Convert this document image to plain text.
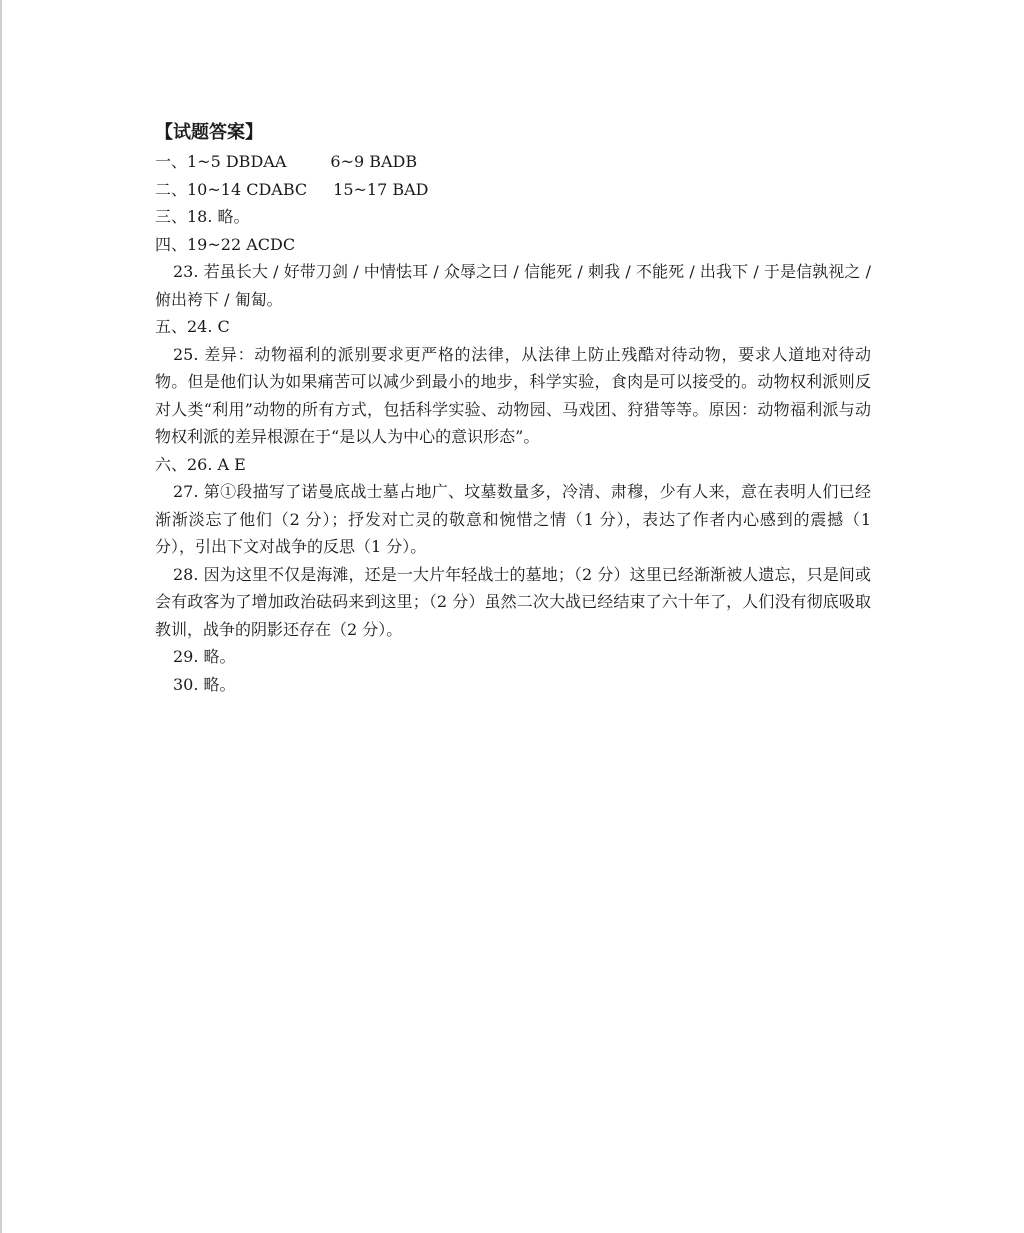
【试题答案】
一、1~5 DBDAA	6~9 BADB
二、10~14 CDABC 15~17 BAD
三、18. 略。
四、19~22 ACDC
23. 若虽长大 / 好带刀剑 / 中情怯耳 / 众辱之曰 / 信能死 / 刺我 / 不能死 / 出我下 / 于是信孰视之 / 俯出袴下 / 匍匐。
五、24. C
25. 差异：动物福利的派别要求更严格的法律，从法律上防止残酷对待动物，要求人道地对待动物。但是他们认为如果痛苦可以减少到最小的地步，科学实验，食肉是可以接受的。动物权利派则反对人类“利用”动物的所有方式，包括科学实验、动物园、马戏团、狩猎等等。原因：动物福利派与动物权利派的差异根源在于“是以人为中心的意识形态”。
六、26. A E
27. 第①段描写了诺曼底战士墓占地广、坟墓数量多，冷清、肃穆，少有人来，意在表明人们已经渐渐淡忘了他们（2 分）；抒发对亡灵的敬意和惋惜之情（1 分），表达了作者内心感到的震撼（1 分），引出下文对战争的反思（1 分）。
28. 因为这里不仅是海滩，还是一大片年轻战士的墓地；（2 分）这里已经渐渐被人遗忘，只是间或会有政客为了增加政治砝码来到这里；（2 分）虽然二次大战已经结束了六十年了，人们没有彻底吸取教训，战争的阴影还存在（2 分）。
29. 略。
30. 略。
